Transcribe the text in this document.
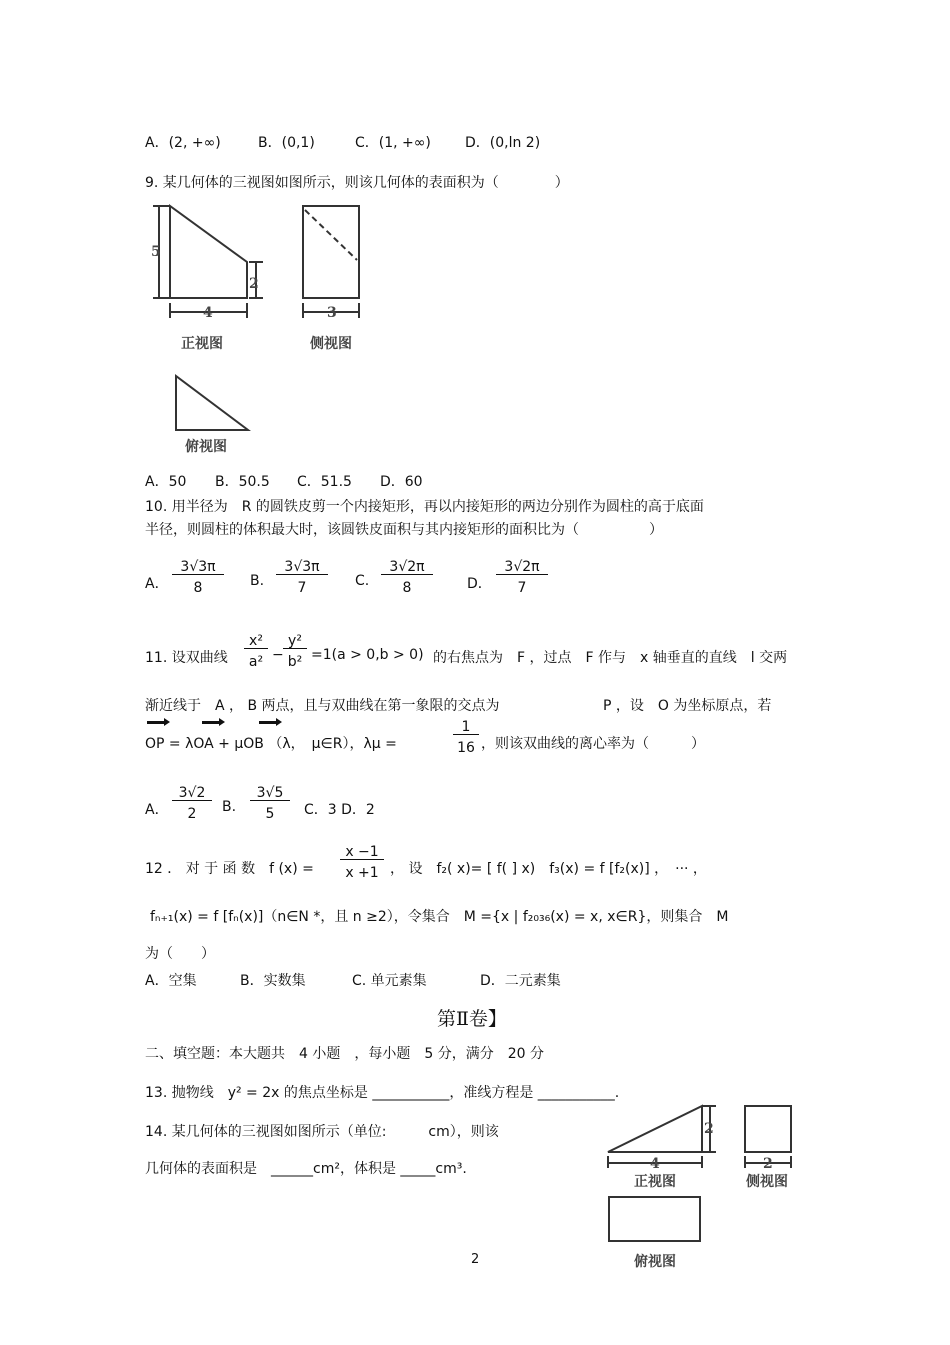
A．(2, +∞)	B．(0,1)	C．(1, +∞) D．(0,ln 2)
9. 某几何体的三视图如图所示，则该几何体的表面积为（　　　　）
5
2
4
正视图
3
侧视图
俯视图
A．50 B．50.5 C．51.5 D．60
10. 用半径为　R 的圆铁皮剪一个内接矩形，再以内接矩形的两边分别作为圆柱的高于底面
半径，则圆柱的体积最大时，该圆铁皮面积与其内接矩形的面积比为（　　　　　）
A． $\frac{3√3\pi}{8} B$. $\frac{3√3\pi}{7} C$. $\frac{3√2\pi}{8}$ D． $\frac{3√2\pi}{7}$
11. 设双曲线 $\frac{\text{x²}}{\text{a²}} - \frac{\text{y²}}{\text{b²}} =1(a > 0,b > 0)$ 的右焦点为　F ，过点　F 作与　x 轴垂直的直线　l 交两
渐近线于　A ， B 两点，且与双曲线在第一象限的交点为	P ，设　O 为坐标原点，若
OP = λOA + μOB （λ，　μ∈R），λμ =	$\frac{1}{16}$ ，则该双曲线的离心率为（　　　）
A． $\frac{3√2}{2} B$. $\frac{3√5}{5}$ C．3 D．2
12 ． 对 于 函 数　f $(x) = \frac{x -1}{x +1}$ ， 设　f₂( x)= [ f( ] x)　f₃(x) = f [f₂(x)] ，　··· ，
fₙ₊₁(x) = f [fₙ(x)]（n∈N *，且 n ≥2），令集合　M ={x | f₂₀₃₆(x) = x, x∈R}，则集合　M
为（　　）
A．空集	B．实数集	C. 单元素集	D．二元素集
第Ⅱ卷】
二、填空题：本大题共　4 小题　，每小题　5 分，满分　20 分
13. 抛物线　y² = 2x 的焦点坐标是 ___________，准线方程是 ___________.
14. 某几何体的三视图如图所示（单位:　　　cm），则该
几何体的表面积是　______cm²，体积是 _____cm³.
2
4
正视图
2
侧视图
俯视图
2
